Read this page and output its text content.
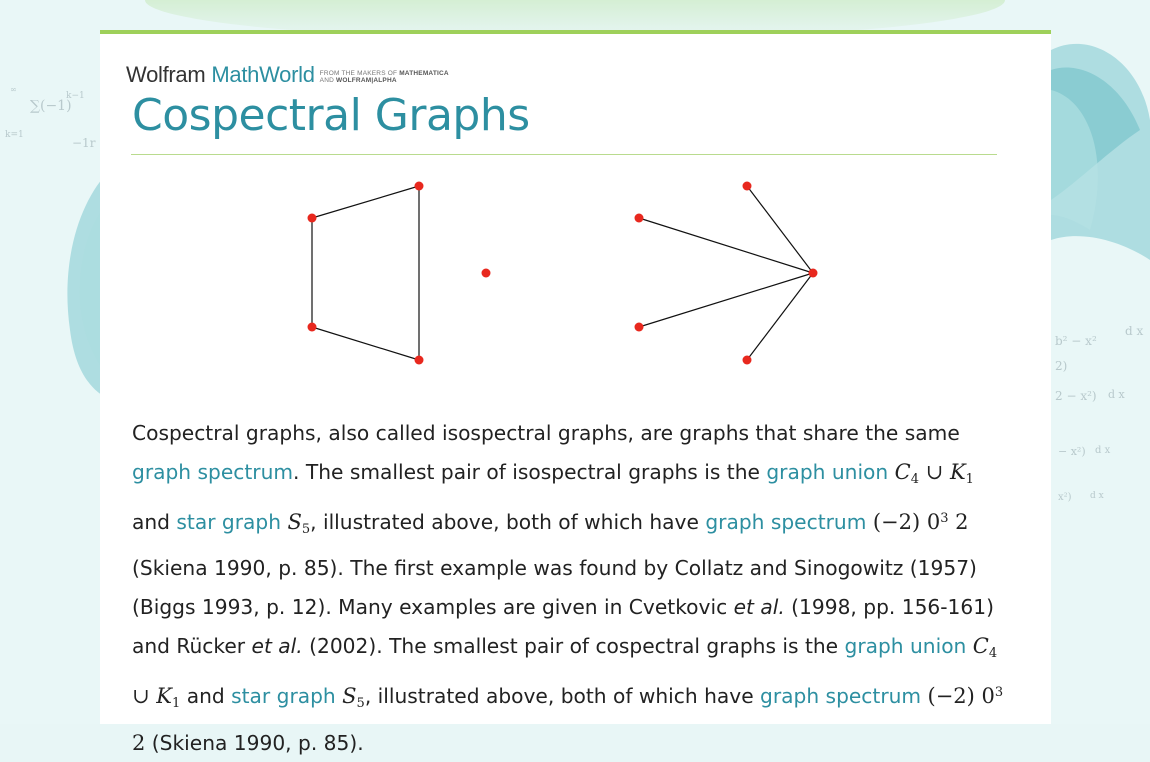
∑(−1)
k−1
∞
k=1
−1r
b² − x²
d x
2)
2 − x²) d x
− x²) d x
x²) d x
Wolfram MathWorld FROM THE MAKERS OF MATHEMATICA
AND WOLFRAM|ALPHA
Cospectral Graphs
Cospectral graphs, also called isospectral graphs, are graphs that share the same graph spectrum. The smallest pair of isospectral graphs is the graph union $C_4$ ∪ $K_1$ and star graph $S_5$, illustrated above, both of which have graph spectrum (−2) $0^3$ 2 (Skiena 1990, p. 85). The first example was found by Collatz and Sinogowitz (1957) (Biggs 1993, p. 12). Many examples are given in Cvetkovic et al. (1998, pp. 156-161) and Rücker et al. (2002). The smallest pair of cospectral graphs is the graph union $C_4$ ∪ $K_1$ and star graph $S_5$, illustrated above, both of which have graph spectrum (−2) $0^3$ 2 (Skiena 1990, p. 85).
